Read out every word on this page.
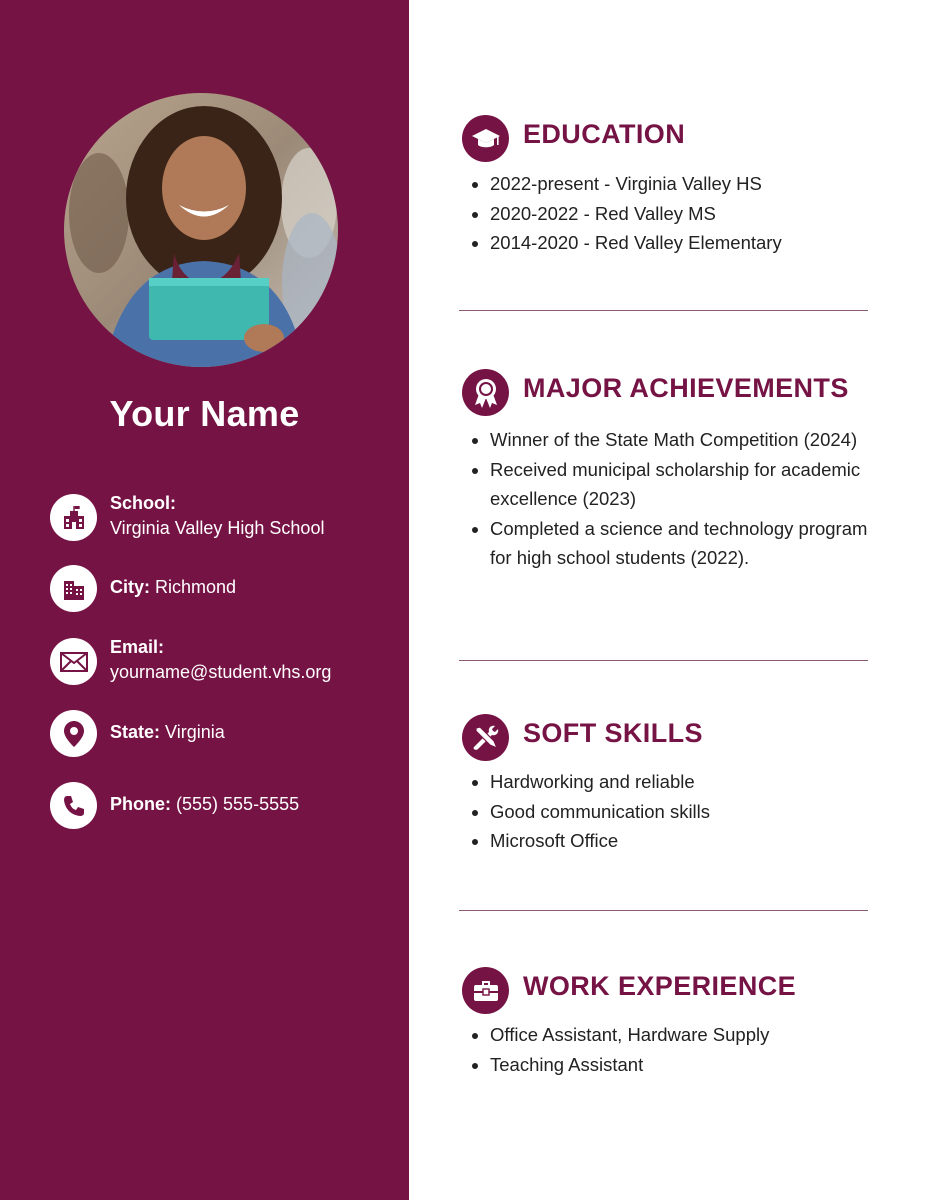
Your Name
School:
Virginia Valley High School
City: Richmond
Email:
yourname@student.vhs.org
State: Virginia
Phone: (555) 555-5555
EDUCATION
• 2022-present - Virginia Valley HS
• 2020-2022 - Red Valley MS
• 2014-2020 - Red Valley Elementary
MAJOR ACHIEVEMENTS
• Winner of the State Math Competition (2024)
• Received municipal scholarship for academic excellence (2023)
• Completed a science and technology program for high school students (2022).
SOFT SKILLS
• Hardworking and reliable
• Good communication skills
• Microsoft Office
WORK EXPERIENCE
• Office Assistant, Hardware Supply
• Teaching Assistant
